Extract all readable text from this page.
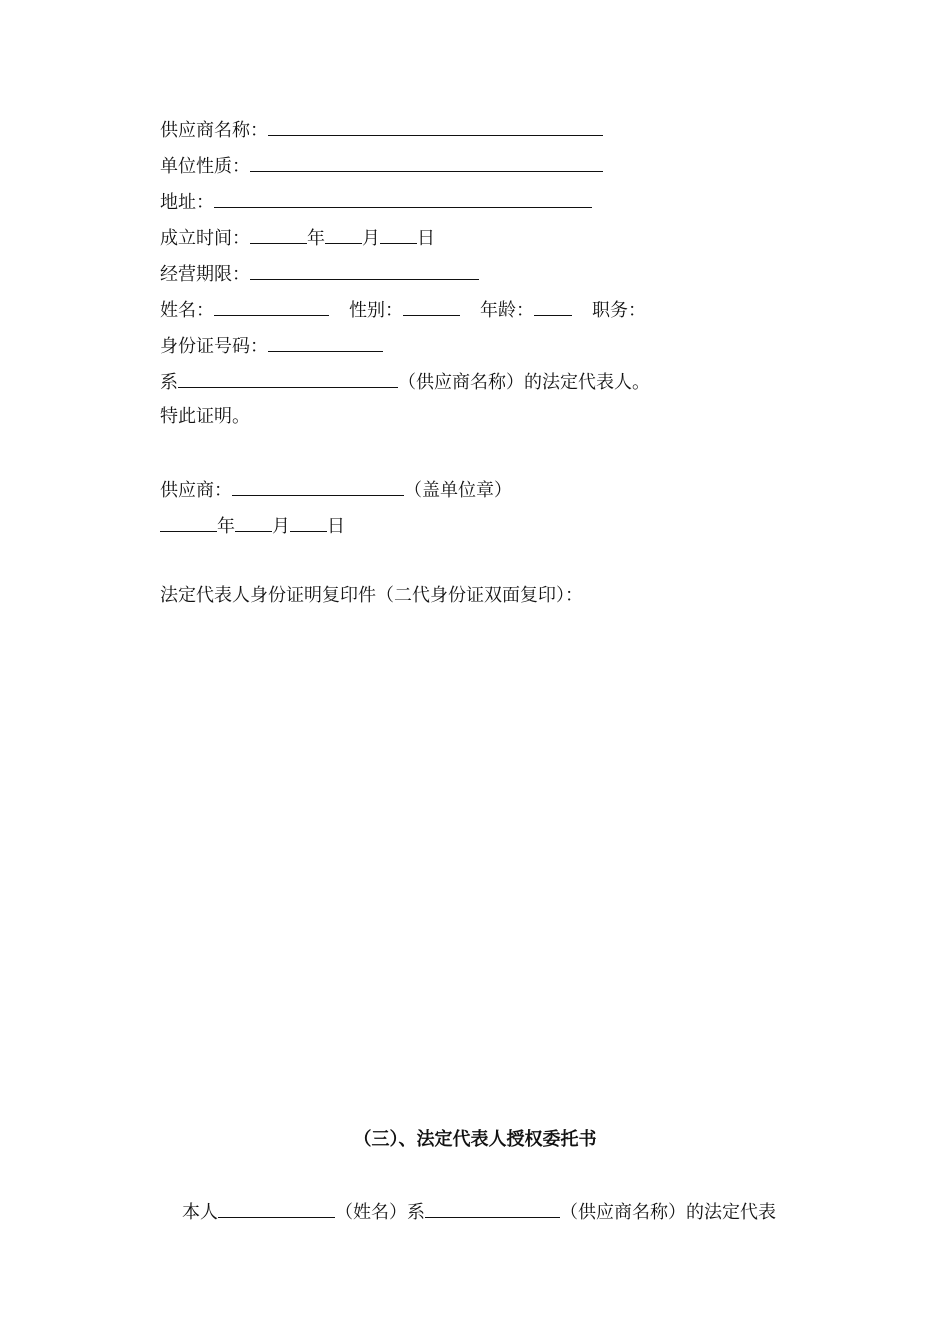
供应商名称：
单位性质：
地址：
成立时间：	年 月 日
经营期限：
姓名：	性别：	年龄：	职务：
身份证号码：
系	（供应商名称）的法定代表人。
特此证明。
供应商：	（盖单位章）
年 月 日
法定代表人身份证明复印件（二代身份证双面复印）：
（三）、法定代表人授权委托书
本人	（姓名）系	（供应商名称）的法定代表
